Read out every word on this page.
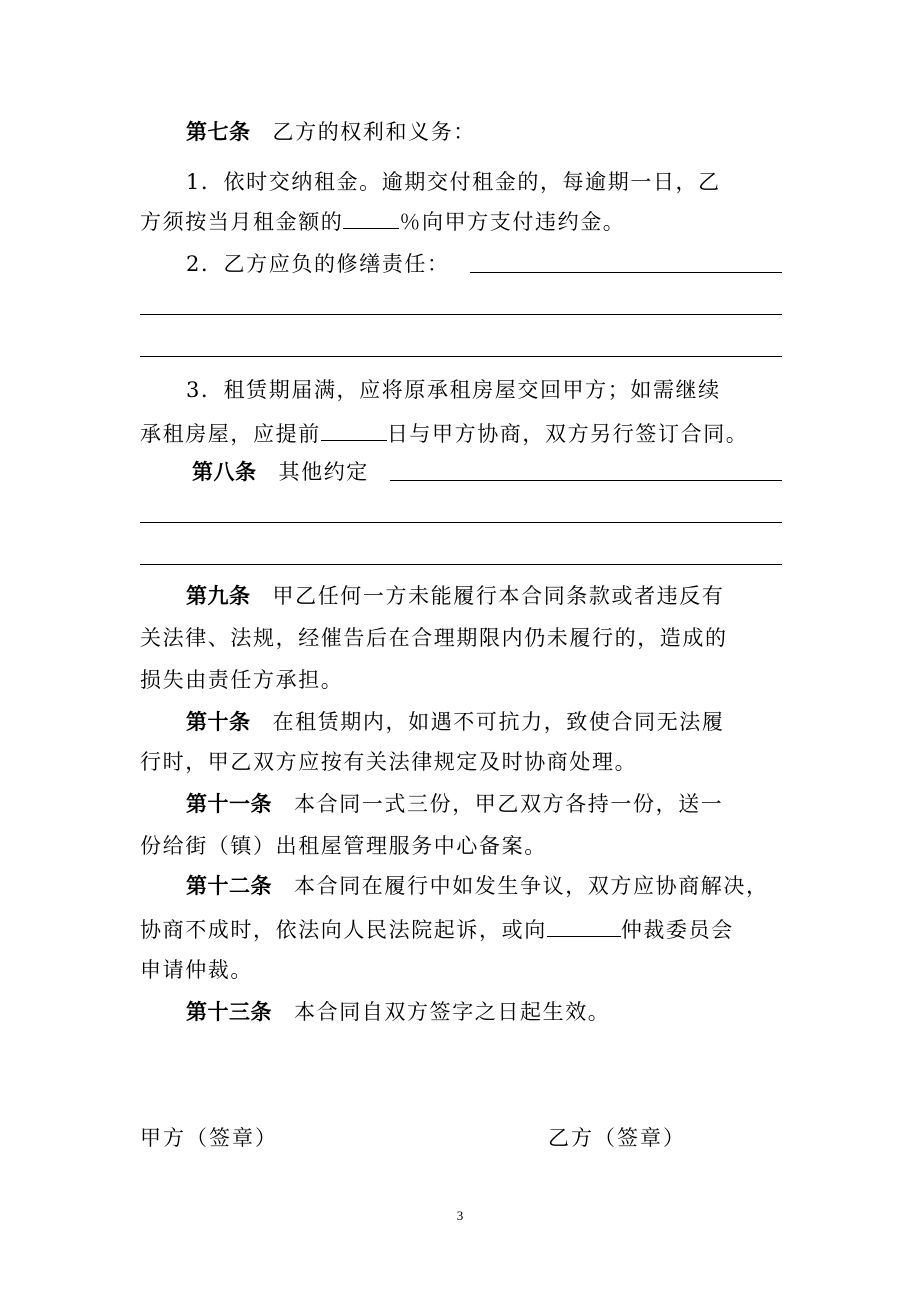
第七条 乙方的权利和义务：
1．依时交纳租金。逾期交付租金的，每逾期一日，乙
方须按当月租金额的	％向甲方支付违约金。
2．乙方应负的修缮责任：
3．租赁期届满，应将原承租房屋交回甲方；如需继续
承租房屋，应提前	日与甲方协商，双方另行签订合同。
第八条 其他约定
第九条 甲乙任何一方未能履行本合同条款或者违反有
关法律、法规，经催告后在合理期限内仍未履行的，造成的
损失由责任方承担。
第十条 在租赁期内，如遇不可抗力，致使合同无法履
行时，甲乙双方应按有关法律规定及时协商处理。
第十一条 本合同一式三份，甲乙双方各持一份，送一
份给街（镇）出租屋管理服务中心备案。
第十二条 本合同在履行中如发生争议，双方应协商解决，
协商不成时，依法向人民法院起诉，或向	仲裁委员会
申请仲裁。
第十三条 本合同自双方签字之日起生效。
甲方（签章）	乙方（签章）
3
